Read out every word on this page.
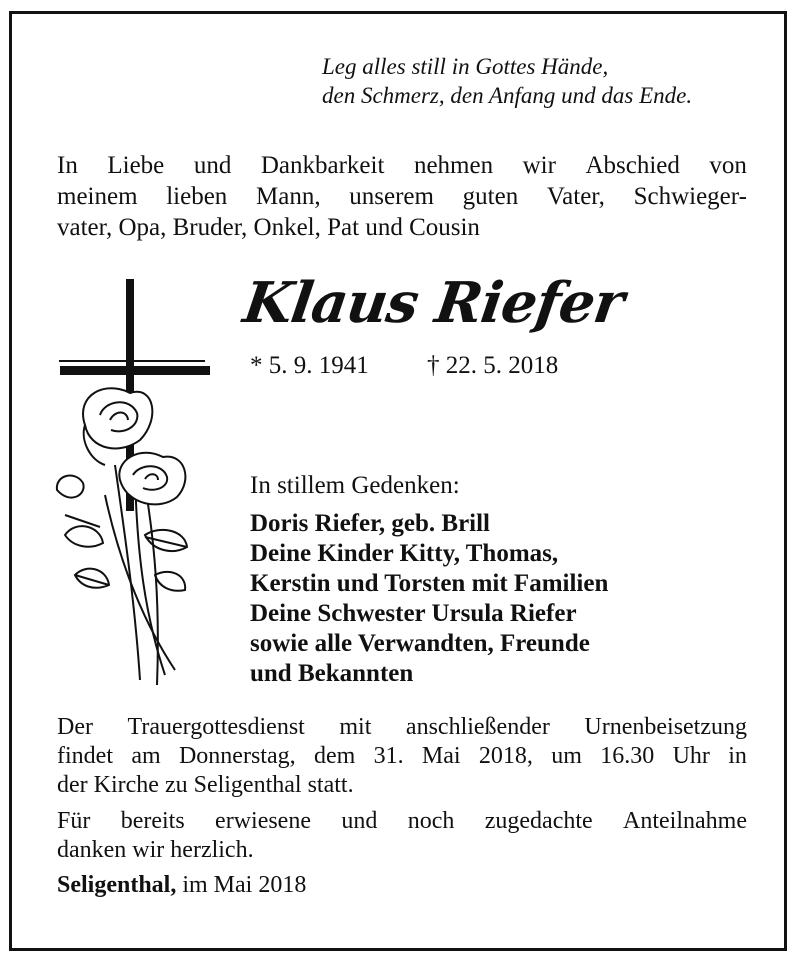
Leg alles still in Gottes Hände,
den Schmerz, den Anfang und das Ende.
In Liebe und Dankbarkeit nehmen wir Abschied von
meinem lieben Mann, unserem guten Vater, Schwieger-
vater, Opa, Bruder, Onkel, Pat und Cousin
Klaus Riefer
* 5. 9. 1941 † 22. 5. 2018
In stillem Gedenken:
Doris Riefer, geb. Brill
Deine Kinder Kitty, Thomas,
Kerstin und Torsten mit Familien
Deine Schwester Ursula Riefer
sowie alle Verwandten, Freunde
und Bekannten
Der Trauergottesdienst mit anschließender Urnenbeisetzung
findet am Donnerstag, dem 31. Mai 2018, um 16.30 Uhr in
der Kirche zu Seligenthal statt.
Für bereits erwiesene und noch zugedachte Anteilnahme
danken wir herzlich.
Seligenthal, im Mai 2018
